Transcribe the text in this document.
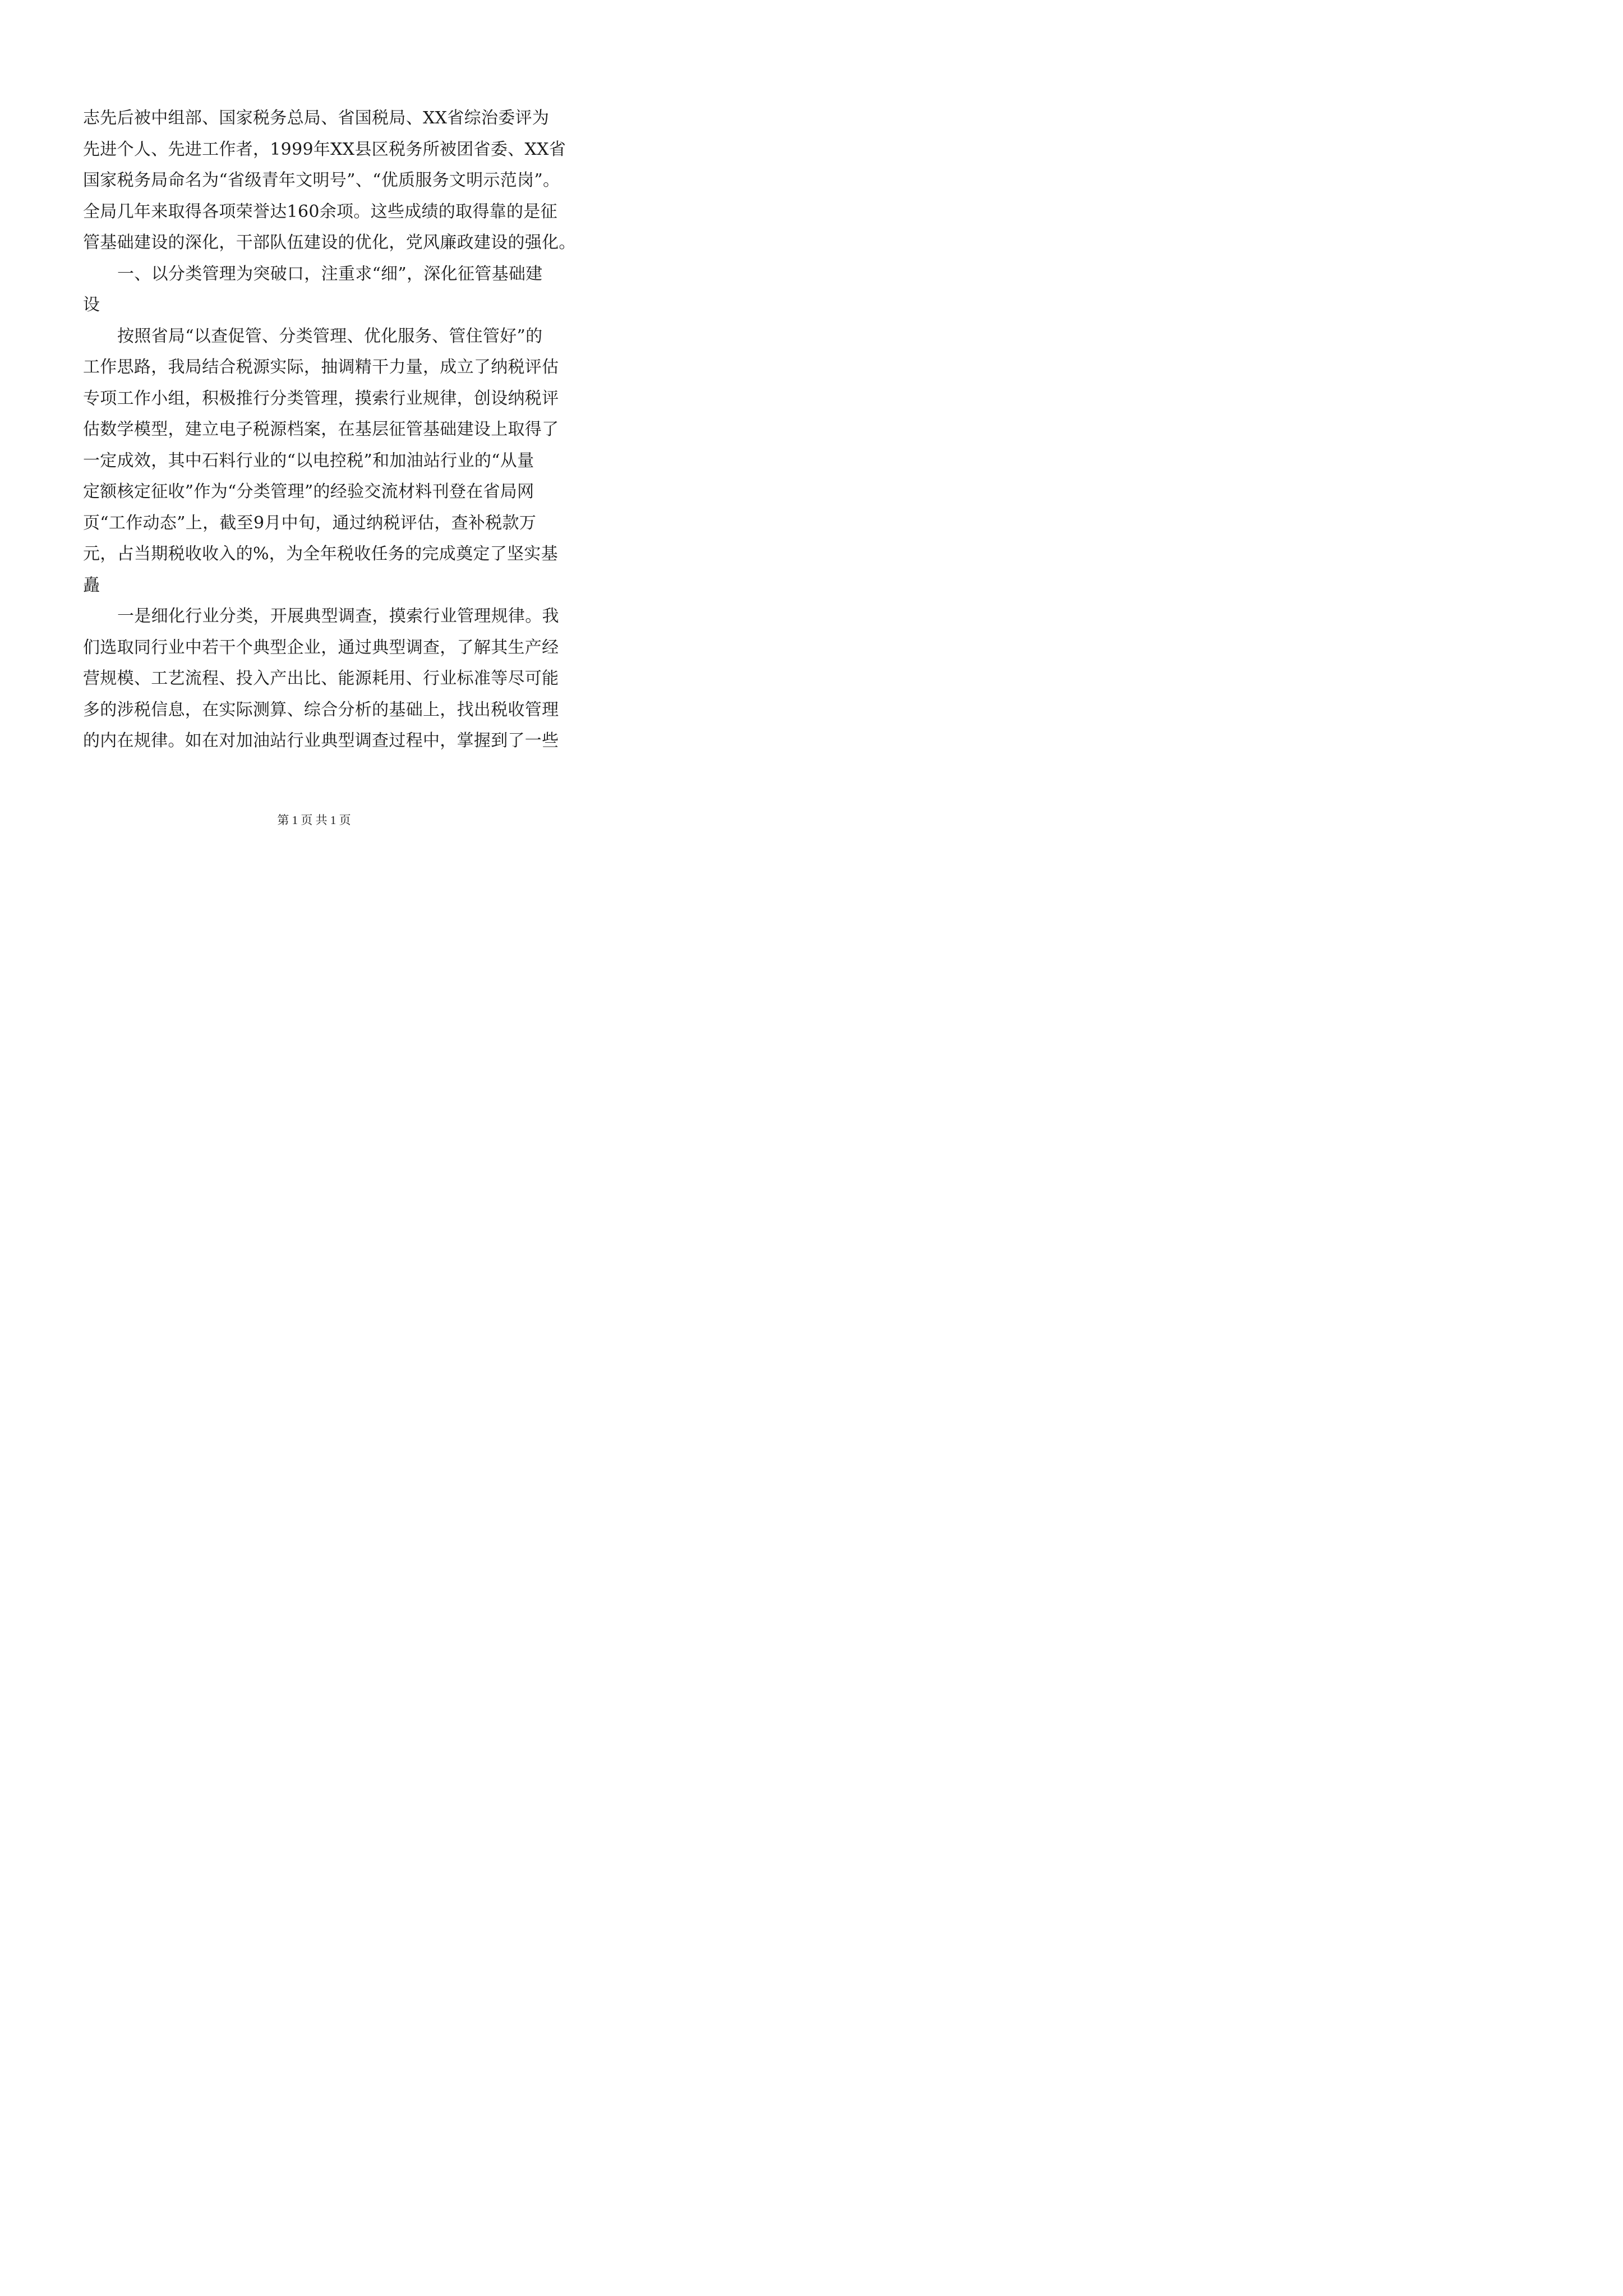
志先后被中组部、国家税务总局、省国税局、XX省综治委评为
先进个人、先进工作者，1999年XX县区税务所被团省委、XX省
国家税务局命名为“省级青年文明号”、“优质服务文明示范岗”。
全局几年来取得各项荣誉达160余项。这些成绩的取得靠的是征
管基础建设的深化，干部队伍建设的优化，党风廉政建设的强化。
一、以分类管理为突破口，注重求“细”，深化征管基础建
设
按照省局“以查促管、分类管理、优化服务、管住管好”的
工作思路，我局结合税源实际，抽调精干力量，成立了纳税评估
专项工作小组，积极推行分类管理，摸索行业规律，创设纳税评
估数学模型，建立电子税源档案，在基层征管基础建设上取得了
一定成效，其中石料行业的“以电控税”和加油站行业的“从量
定额核定征收”作为“分类管理”的经验交流材料刊登在省局网
页“工作动态”上，截至9月中旬，通过纳税评估，查补税款万
元，占当期税收收入的%，为全年税收任务的完成奠定了坚实基
矗
一是细化行业分类，开展典型调查，摸索行业管理规律。我
们选取同行业中若干个典型企业，通过典型调查，了解其生产经
营规模、工艺流程、投入产出比、能源耗用、行业标准等尽可能
多的涉税信息，在实际测算、综合分析的基础上，找出税收管理
的内在规律。如在对加油站行业典型调查过程中，掌握到了一些
第 1 页 共 1 页
